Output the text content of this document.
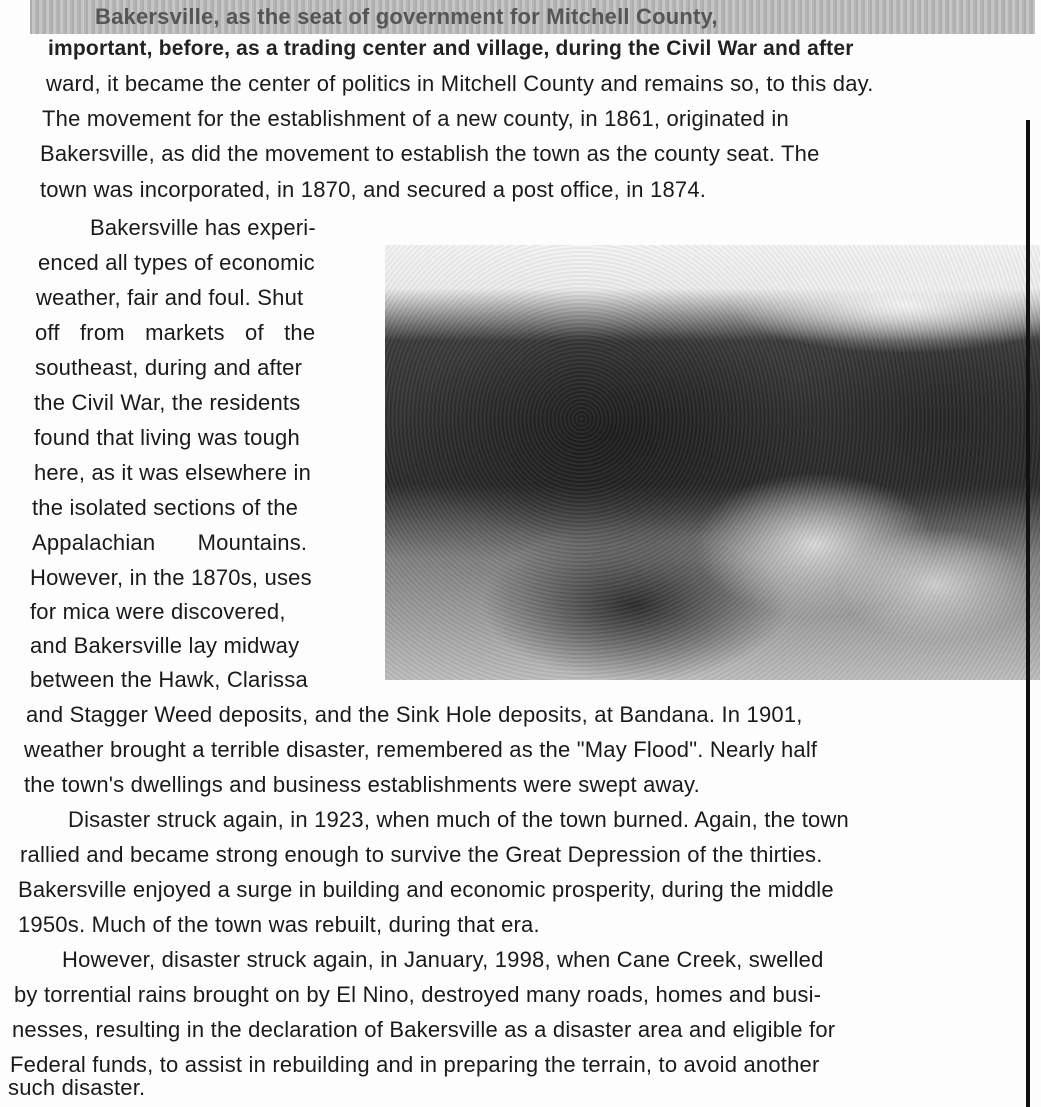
Bakersville, as the seat of government for Mitchell County,
important, before, as a trading center and village, during the Civil War and after
ward, it became the center of politics in Mitchell County and remains so, to this day.
The movement for the establishment of a new county, in 1861, originated in
Bakersville, as did the movement to establish the town as the county seat. The
town was incorporated, in 1870, and secured a post office, in 1874.
Bakersville has experi-
enced all types of economic
weather, fair and foul. Shut
off from markets of the
southeast, during and after
the Civil War, the residents
found that living was tough
here, as it was elsewhere in
the isolated sections of the
Appalachian Mountains.
However, in the 1870s, uses
for mica were discovered,
and Bakersville lay midway
between the Hawk, Clarissa
and Stagger Weed deposits, and the Sink Hole deposits, at Bandana. In 1901,
weather brought a terrible disaster, remembered as the "May Flood". Nearly half
the town's dwellings and business establishments were swept away.
Disaster struck again, in 1923, when much of the town burned. Again, the town
rallied and became strong enough to survive the Great Depression of the thirties.
Bakersville enjoyed a surge in building and economic prosperity, during the middle
1950s. Much of the town was rebuilt, during that era.
However, disaster struck again, in January, 1998, when Cane Creek, swelled
by torrential rains brought on by El Nino, destroyed many roads, homes and busi-
nesses, resulting in the declaration of Bakersville as a disaster area and eligible for
Federal funds, to assist in rebuilding and in preparing the terrain, to avoid another
such disaster.
